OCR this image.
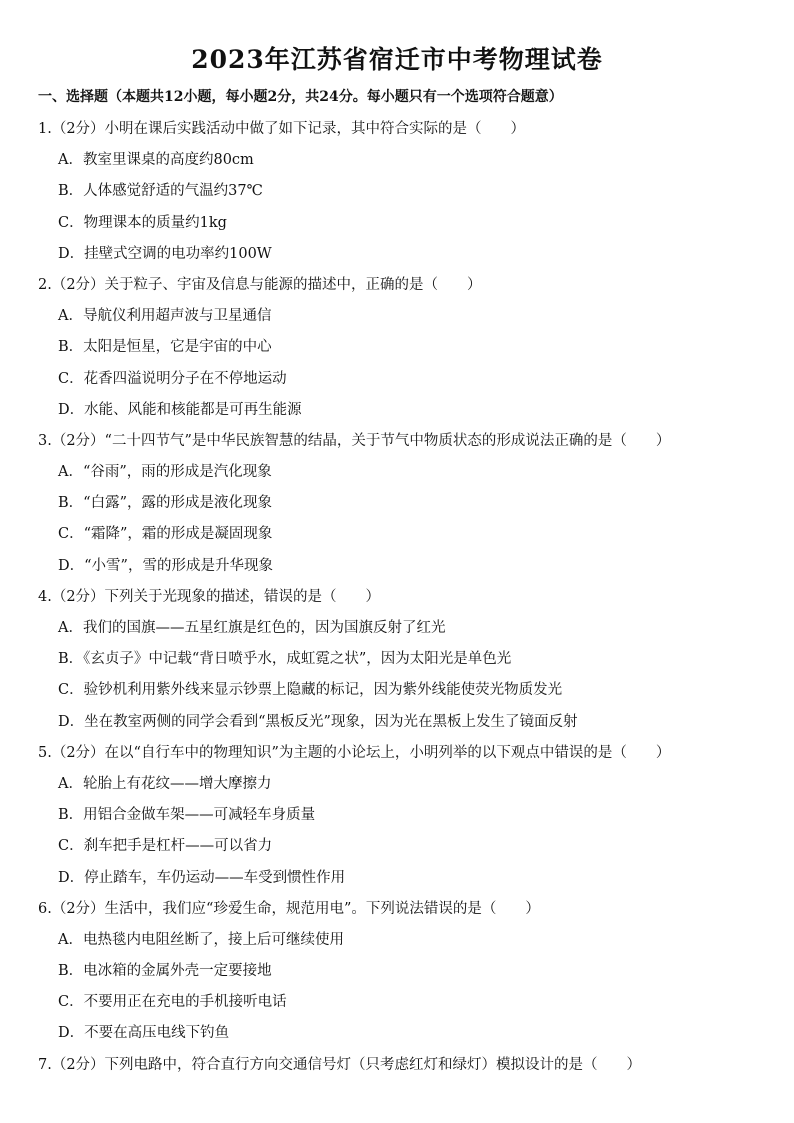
2023年江苏省宿迁市中考物理试卷
一、选择题（本题共12小题，每小题2分，共24分。每小题只有一个选项符合题意）
1.（2分）小明在课后实践活动中做了如下记录，其中符合实际的是（　　）
A．教室里课桌的高度约80cm
B．人体感觉舒适的气温约37℃
C．物理课本的质量约1kg
D．挂壁式空调的电功率约100W
2.（2分）关于粒子、宇宙及信息与能源的描述中，正确的是（　　）
A．导航仪利用超声波与卫星通信
B．太阳是恒星，它是宇宙的中心
C．花香四溢说明分子在不停地运动
D．水能、风能和核能都是可再生能源
3.（2分）“二十四节气”是中华民族智慧的结晶，关于节气中物质状态的形成说法正确的是（　　）
A．“谷雨”，雨的形成是汽化现象
B．“白露”，露的形成是液化现象
C．“霜降”，霜的形成是凝固现象
D．“小雪”，雪的形成是升华现象
4.（2分）下列关于光现象的描述，错误的是（　　）
A．我们的国旗——五星红旗是红色的，因为国旗反射了红光
B．《玄贞子》中记载“背日喷乎水，成虹霓之状”，因为太阳光是单色光
C．验钞机利用紫外线来显示钞票上隐藏的标记，因为紫外线能使荧光物质发光
D．坐在教室两侧的同学会看到“黑板反光”现象，因为光在黑板上发生了镜面反射
5.（2分）在以“自行车中的物理知识”为主题的小论坛上，小明列举的以下观点中错误的是（　　）
A．轮胎上有花纹——增大摩擦力
B．用铝合金做车架——可减轻车身质量
C．刹车把手是杠杆——可以省力
D．停止踏车，车仍运动——车受到惯性作用
6.（2分）生活中，我们应“珍爱生命，规范用电”。下列说法错误的是（　　）
A．电热毯内电阻丝断了，接上后可继续使用
B．电冰箱的金属外壳一定要接地
C．不要用正在充电的手机接听电话
D．不要在高压电线下钓鱼
7.（2分）下列电路中，符合直行方向交通信号灯（只考虑红灯和绿灯）模拟设计的是（　　）
